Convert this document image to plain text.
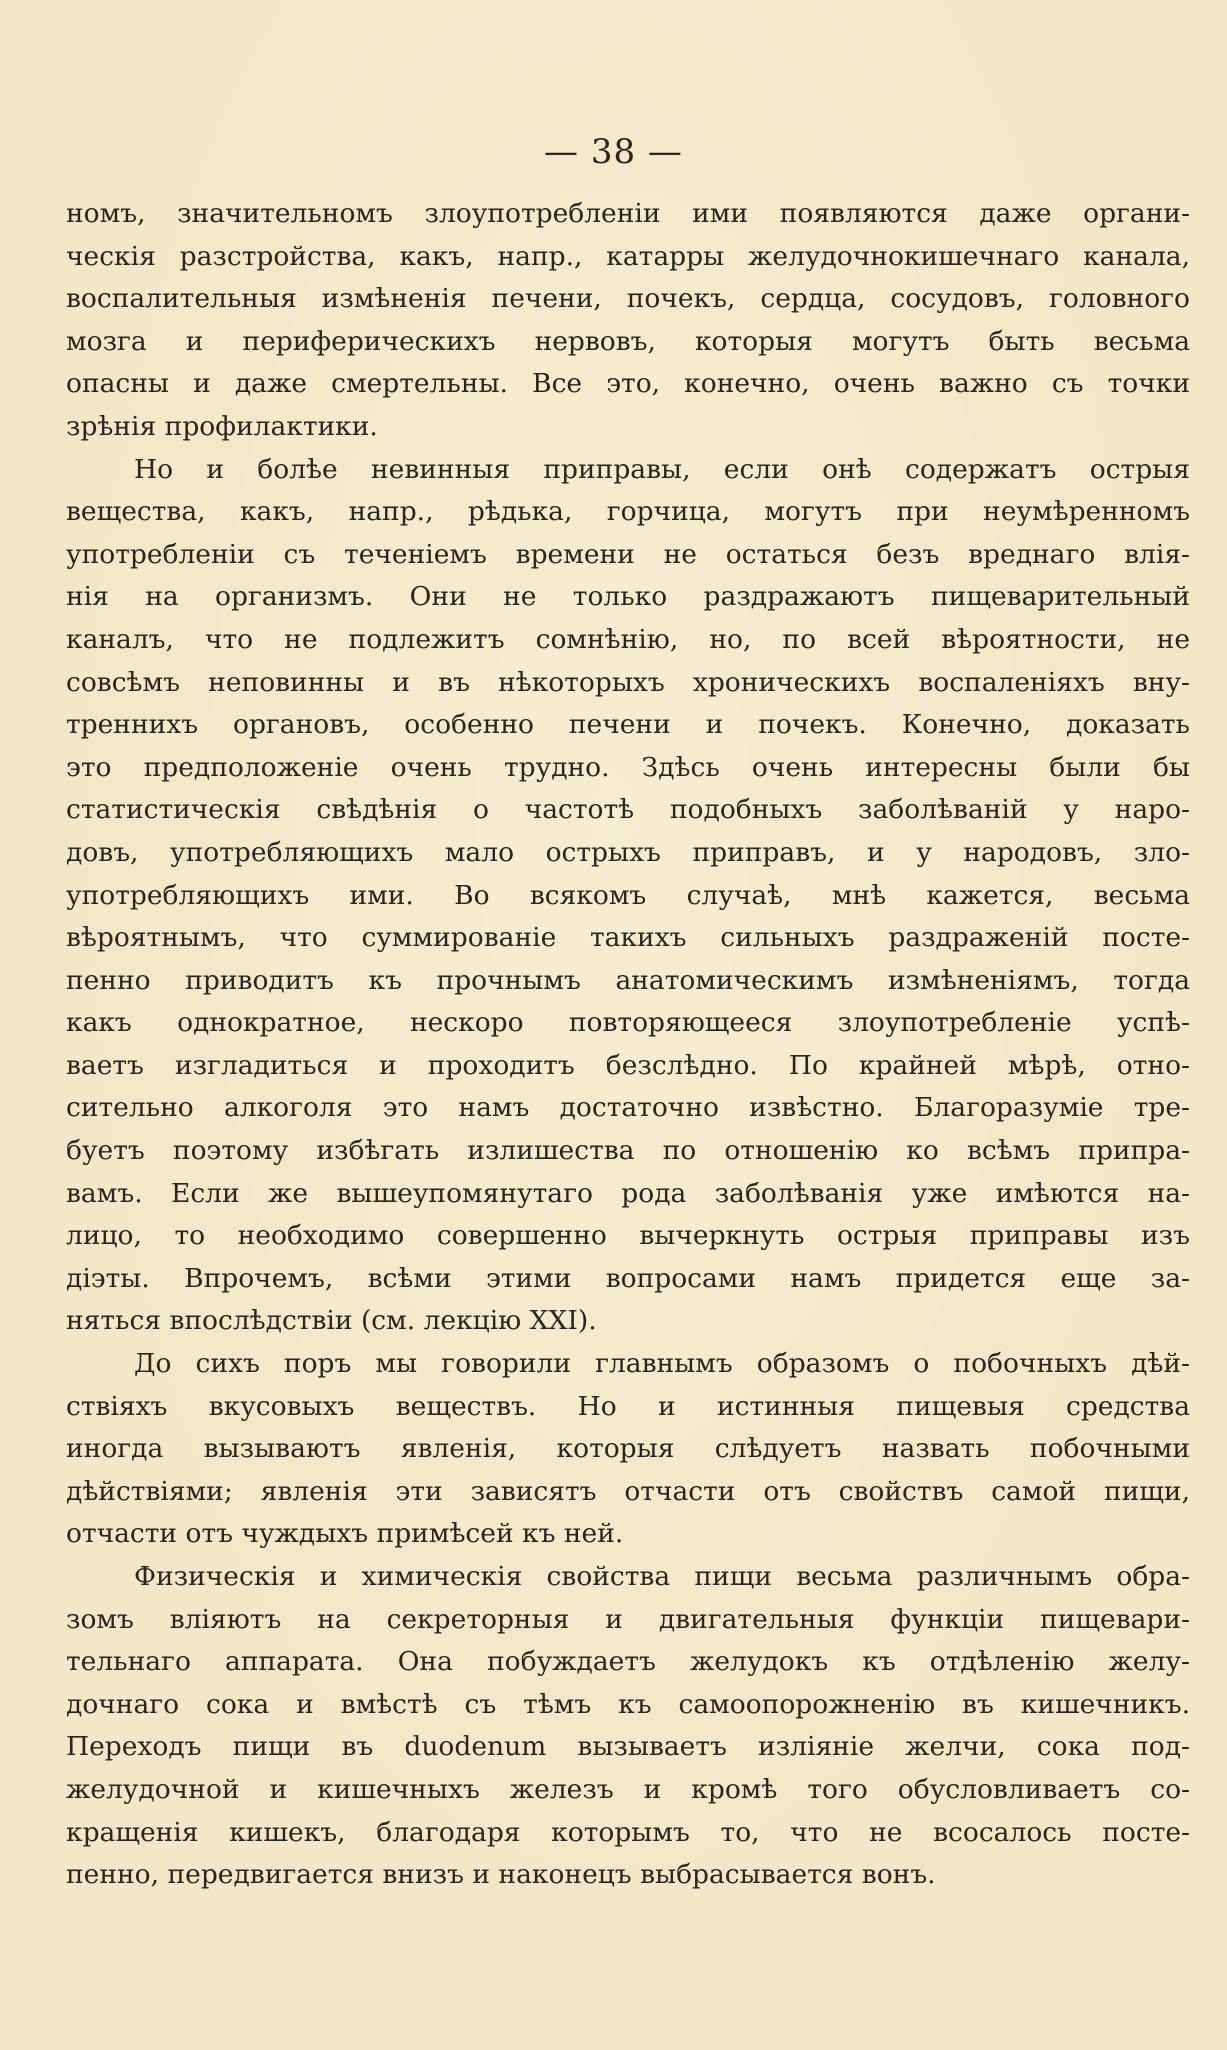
— 38 —
номъ, значительномъ злоупотребленіи ими появляются даже органи-
ческія разстройства, какъ, напр., катарры желудочнокишечнаго канала,
воспалительныя измѣненія печени, почекъ, сердца, сосудовъ, головного
мозга и периферическихъ нервовъ, которыя могутъ быть весьма
опасны и даже смертельны. Все это, конечно, очень важно съ точки
зрѣнія профилактики.
Но и болѣе невинныя приправы, если онѣ содержатъ острыя
вещества, какъ, напр., рѣдька, горчица, могутъ при неумѣренномъ
употребленіи съ теченіемъ времени не остаться безъ вреднаго влія-
нія на организмъ. Они не только раздражаютъ пищеварительный
каналъ, что не подлежитъ сомнѣнію, но, по всей вѣроятности, не
совсѣмъ неповинны и въ нѣкоторыхъ хроническихъ воспаленіяхъ вну-
треннихъ органовъ, особенно печени и почекъ. Конечно, доказать
это предположеніе очень трудно. Здѣсь очень интересны были бы
статистическія свѣдѣнія о частотѣ подобныхъ заболѣваній у наро-
довъ, употребляющихъ мало острыхъ приправъ, и у народовъ, зло-
употребляющихъ ими. Во всякомъ случаѣ, мнѣ кажется, весьма
вѣроятнымъ, что суммированіе такихъ сильныхъ раздраженій посте-
пенно приводитъ къ прочнымъ анатомическимъ измѣненіямъ, тогда
какъ однократное, нескоро повторяющееся злоупотребленіе успѣ-
ваетъ изгладиться и проходитъ безслѣдно. По крайней мѣрѣ, отно-
сительно алкоголя это намъ достаточно извѣстно. Благоразуміе тре-
буетъ поэтому избѣгать излишества по отношенію ко всѣмъ припра-
вамъ. Если же вышеупомянутаго рода заболѣванія уже имѣются на-
лицо, то необходимо совершенно вычеркнуть острыя приправы изъ
діэты. Впрочемъ, всѣми этими вопросами намъ придется еще за-
няться впослѣдствіи (см. лекцію XXI).
До сихъ поръ мы говорили главнымъ образомъ о побочныхъ дѣй-
ствіяхъ вкусовыхъ веществъ. Но и истинныя пищевыя средства
иногда вызываютъ явленія, которыя слѣдуетъ назвать побочными
дѣйствіями; явленія эти зависятъ отчасти отъ свойствъ самой пищи,
отчасти отъ чуждыхъ примѣсей къ ней.
Физическія и химическія свойства пищи весьма различнымъ обра-
зомъ вліяютъ на секреторныя и двигательныя функціи пищевари-
тельнаго аппарата. Она побуждаетъ желудокъ къ отдѣленію желу-
дочнаго сока и вмѣстѣ съ тѣмъ къ самоопорожненію въ кишечникъ.
Переходъ пищи въ duodenum вызываетъ изліяніе желчи, сока под-
желудочной и кишечныхъ железъ и кромѣ того обусловливаетъ со-
кращенія кишекъ, благодаря которымъ то, что не всосалось посте-
пенно, передвигается внизъ и наконецъ выбрасывается вонъ.
